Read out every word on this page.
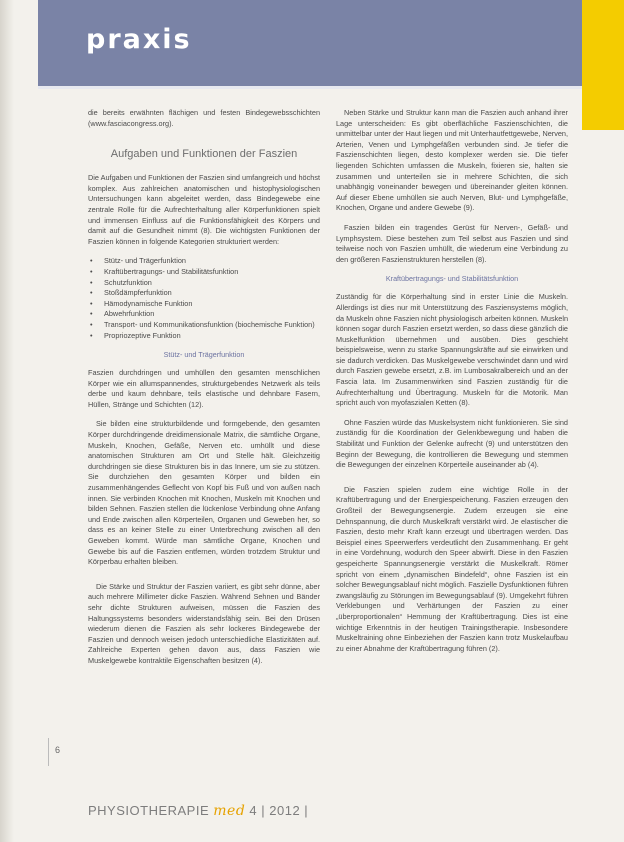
praxis

die bereits erwähnten flächigen und festen Bindegewebsschichten (www.fasciacongress.org).

Aufgaben und Funktionen der Faszien

Die Aufgaben und Funktionen der Faszien sind umfangreich und höchst komplex. Aus zahlreichen anatomischen und histophysiologischen Untersuchungen kann abgeleitet werden, dass Bindegewebe eine zentrale Rolle für die Aufrechterhaltung aller Körperfunktionen spielt und immensen Einfluss auf die Funktionsfähigkeit des Körpers und damit auf die Gesundheit nimmt (8). Die wichtigsten Funktionen der Faszien können in folgende Kategorien strukturiert werden:

• Stütz- und Trägerfunktion
• Kraftübertragungs- und Stabilitätsfunktion
• Schutzfunktion
• Stoßdämpferfunktion
• Hämodynamische Funktion
• Abwehrfunktion
• Transport- und Kommunikationsfunktion (biochemische Funktion)
• Propriozeptive Funktion
Stütz- und Trägerfunktion

Faszien durchdringen und umhüllen den gesamten menschlichen Körper wie ein allumspannendes, strukturgebendes Netzwerk als teils derbe und kaum dehnbare, teils elastische und dehnbare Fasern, Hüllen, Stränge und Schichten (12).

Sie bilden eine strukturbildende und formgebende, den gesamten Körper durchdringende dreidimensionale Matrix, die sämtliche Organe, Muskeln, Knochen, Gefäße, Nerven etc. umhüllt und diese anatomischen Strukturen am Ort und Stelle hält. Gleichzeitig durchdringen sie diese Strukturen bis in das Innere, um sie zu stützen. Sie durchziehen den gesamten Körper und bilden ein zusammenhängendes Geflecht von Kopf bis Fuß und von außen nach innen. Sie verbinden Knochen mit Knochen, Muskeln mit Knochen und bilden Sehnen. Faszien stellen die lückenlose Verbindung ohne Anfang und Ende zwischen allen Körperteilen, Organen und Geweben her, so dass es an keiner Stelle zu einer Unterbrechung zwischen all den Geweben kommt. Würde man sämtliche Organe, Knochen und Gewebe bis auf die Faszien entfernen, würden trotzdem Struktur und Körperbau erhalten bleiben.

Die Stärke und Struktur der Faszien variiert, es gibt sehr dünne, aber auch mehrere Millimeter dicke Faszien. Während Sehnen und Bänder sehr dichte Strukturen aufweisen, müssen die Faszien des Haltungssystems besonders widerstandsfähig sein. Bei den Drüsen wiederum dienen die Faszien als sehr lockeres Bindegewebe der Faszien und dennoch weisen jedoch unterschiedliche Elastizitäten auf. Zahlreiche Experten gehen davon aus, dass Faszien wie Muskelgewebe kontraktile Eigenschaften besitzen (4).

Neben Stärke und Struktur kann man die Faszien auch anhand ihrer Lage unterscheiden: Es gibt oberflächliche Faszienschichten, die unmittelbar unter der Haut liegen und mit Unterhautfettgewebe, Nerven, Arterien, Venen und Lymphgefäßen verbunden sind. Je tiefer die Faszienschichten liegen, desto komplexer werden sie. Die tiefer liegenden Schichten umfassen die Muskeln, fixieren sie, halten sie zusammen und unterteilen sie in mehrere Schichten, die sich unabhängig voneinander bewegen und übereinander gleiten können. Auf dieser Ebene umhüllen sie auch Nerven, Blut- und Lymphgefäße, Knochen, Organe und andere Gewebe (9).

Faszien bilden ein tragendes Gerüst für Nerven-, Gefäß- und Lymphsystem. Diese bestehen zum Teil selbst aus Faszien und sind teilweise noch von Faszien umhüllt, die wiederum eine Verbindung zu den größeren Faszienstrukturen herstellen (8).

Kraftübertragungs- und Stabilitätsfunktion

Zuständig für die Körperhaltung sind in erster Linie die Muskeln. Allerdings ist dies nur mit Unterstützung des Fasziensystems möglich, da Muskeln ohne Faszien nicht physiologisch arbeiten können. Muskeln können sogar durch Faszien ersetzt werden, so dass diese gänzlich die Muskelfunktion übernehmen und ausüben. Dies geschieht beispielsweise, wenn zu starke Spannungskräfte auf sie einwirken und sie dadurch verdicken. Das Muskelgewebe verschwindet dann und wird durch Faszien gewebe ersetzt, z.B. im Lumbosakralbereich und an der Fascia lata. Im Zusammenwirken sind Faszien zuständig für die Aufrechterhaltung und Übertragung. Muskeln für die Motorik. Man spricht auch von myofaszialen Ketten (8).

Ohne Faszien würde das Muskelsystem nicht funktionieren. Sie sind zuständig für die Koordination der Gelenkbewegung und haben die Stabilität und Funktion der Gelenke aufrecht (9) und unterstützen den Beginn der Bewegung, die kontrollieren die Bewegung und stemmen die Bewegungen der einzelnen Körperteile auseinander ab (4).

Die Faszien spielen zudem eine wichtige Rolle in der Kraftübertragung und der Energiespeicherung. Faszien erzeugen den Großteil der Bewegungsenergie. Zudem erzeugen sie eine Dehnspannung, die durch Muskelkraft verstärkt wird. Je elastischer die Faszien, desto mehr Kraft kann erzeugt und übertragen werden. Das Beispiel eines Speerwerfers verdeutlicht den Zusammenhang. Er geht in eine Vordehnung, wodurch den Speer abwirft. Diese in den Faszien gespeicherte Spannungsenergie verstärkt die Muskelkraft. Römer spricht von einem „dynamischen Bindefeld“, ohne Faszien ist ein solcher Bewegungsablauf nicht möglich. Faszielle Dysfunktionen führen zwangsläufig zu Störungen im Bewegungsablauf (9). Umgekehrt führen Verklebungen und Verhärtungen der Faszien zu einer „überproportionalen“ Hemmung der Kraftübertragung. Dies ist eine wichtige Erkenntnis in der heutigen Trainingstherapie. Insbesondere Muskeltraining ohne Einbeziehen der Faszien kann trotz Muskelaufbau zu einer Abnahme der Kraftübertragung führen (2).

6
PHYSIOTHERAPIE med 4 | 2012 |
